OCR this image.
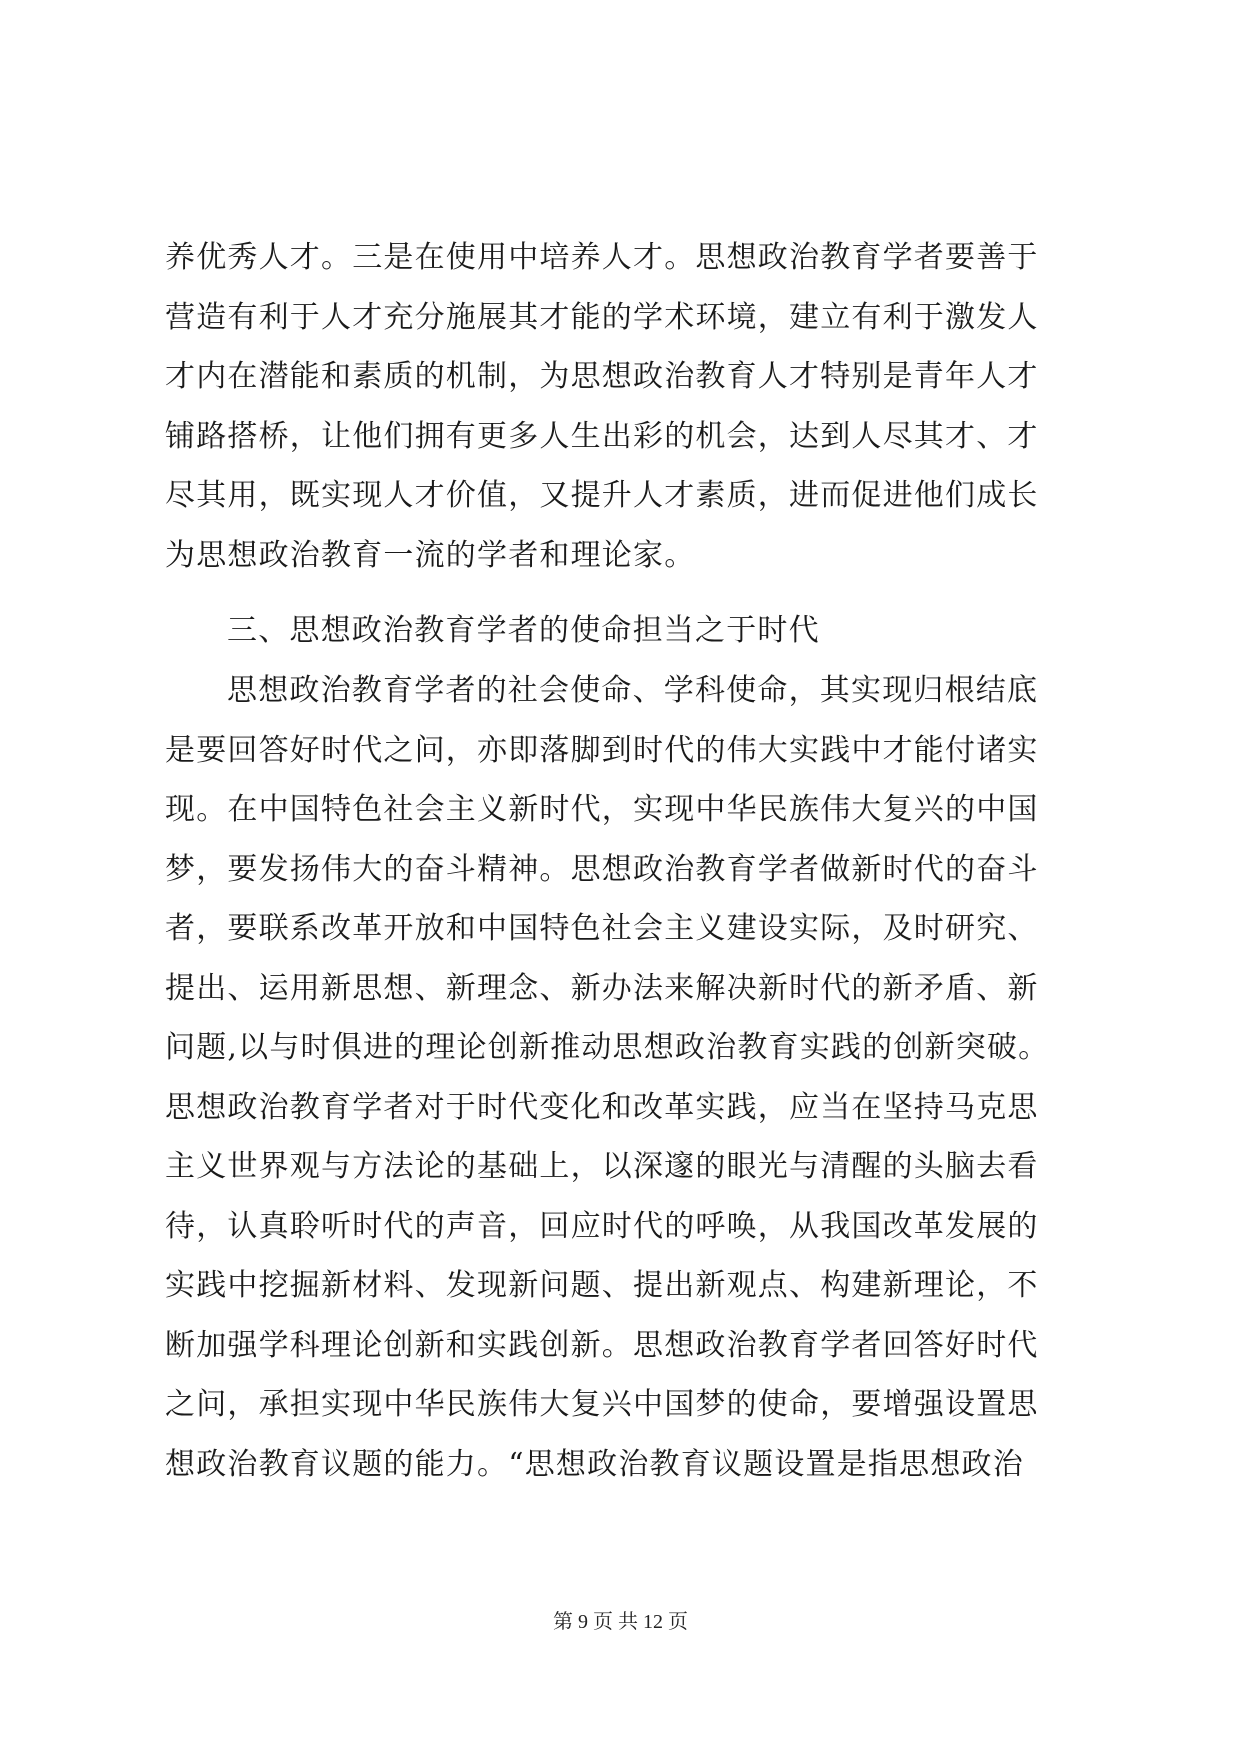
养优秀人才。三是在使用中培养人才。思想政治教育学者要善于
营造有利于人才充分施展其才能的学术环境，建立有利于激发人
才内在潜能和素质的机制，为思想政治教育人才特别是青年人才
铺路搭桥，让他们拥有更多人生出彩的机会，达到人尽其才、才
尽其用，既实现人才价值，又提升人才素质，进而促进他们成长
为思想政治教育一流的学者和理论家。
三、思想政治教育学者的使命担当之于时代
思想政治教育学者的社会使命、学科使命，其实现归根结底
是要回答好时代之问，亦即落脚到时代的伟大实践中才能付诸实
现。在中国特色社会主义新时代，实现中华民族伟大复兴的中国
梦，要发扬伟大的奋斗精神。思想政治教育学者做新时代的奋斗
者，要联系改革开放和中国特色社会主义建设实际，及时研究、
提出、运用新思想、新理念、新办法来解决新时代的新矛盾、新
问题,以与时俱进的理论创新推动思想政治教育实践的创新突破。
思想政治教育学者对于时代变化和改革实践，应当在坚持马克思
主义世界观与方法论的基础上，以深邃的眼光与清醒的头脑去看
待，认真聆听时代的声音，回应时代的呼唤，从我国改革发展的
实践中挖掘新材料、发现新问题、提出新观点、构建新理论，不
断加强学科理论创新和实践创新。思想政治教育学者回答好时代
之问，承担实现中华民族伟大复兴中国梦的使命，要增强设置思
想政治教育议题的能力。“思想政治教育议题设置是指思想政治
第 9 页 共 12 页
